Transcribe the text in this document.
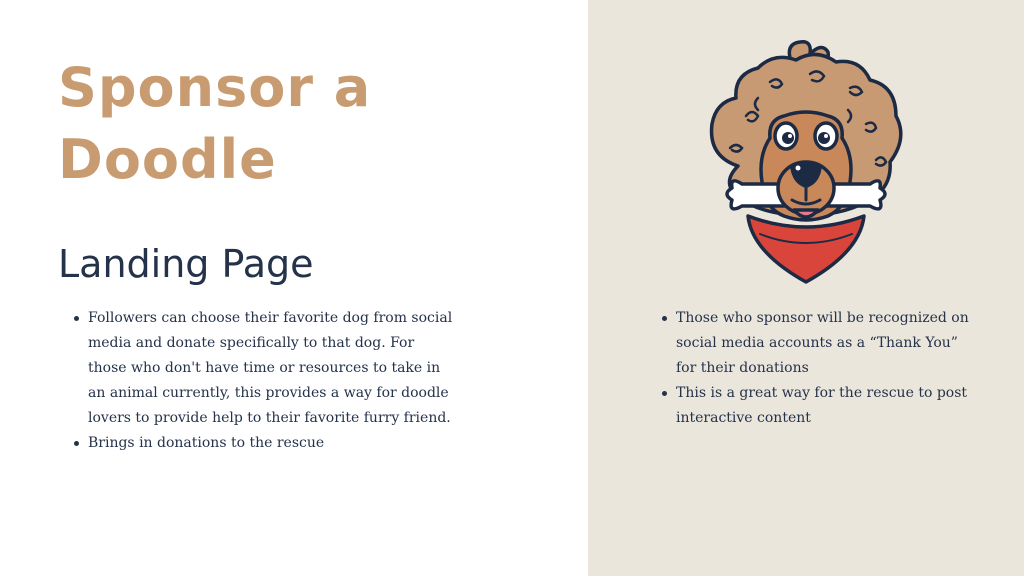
Sponsor a
Doodle
Landing Page
Followers can choose their favorite dog from social media and donate specifically to that dog. For those who don't have time or resources to take in an animal currently, this provides a way for doodle lovers to provide help to their favorite furry friend.
Brings in donations to the rescue
Those who sponsor will be recognized on social media accounts as a “Thank You” for their donations
This is a great way for the rescue to post interactive content
